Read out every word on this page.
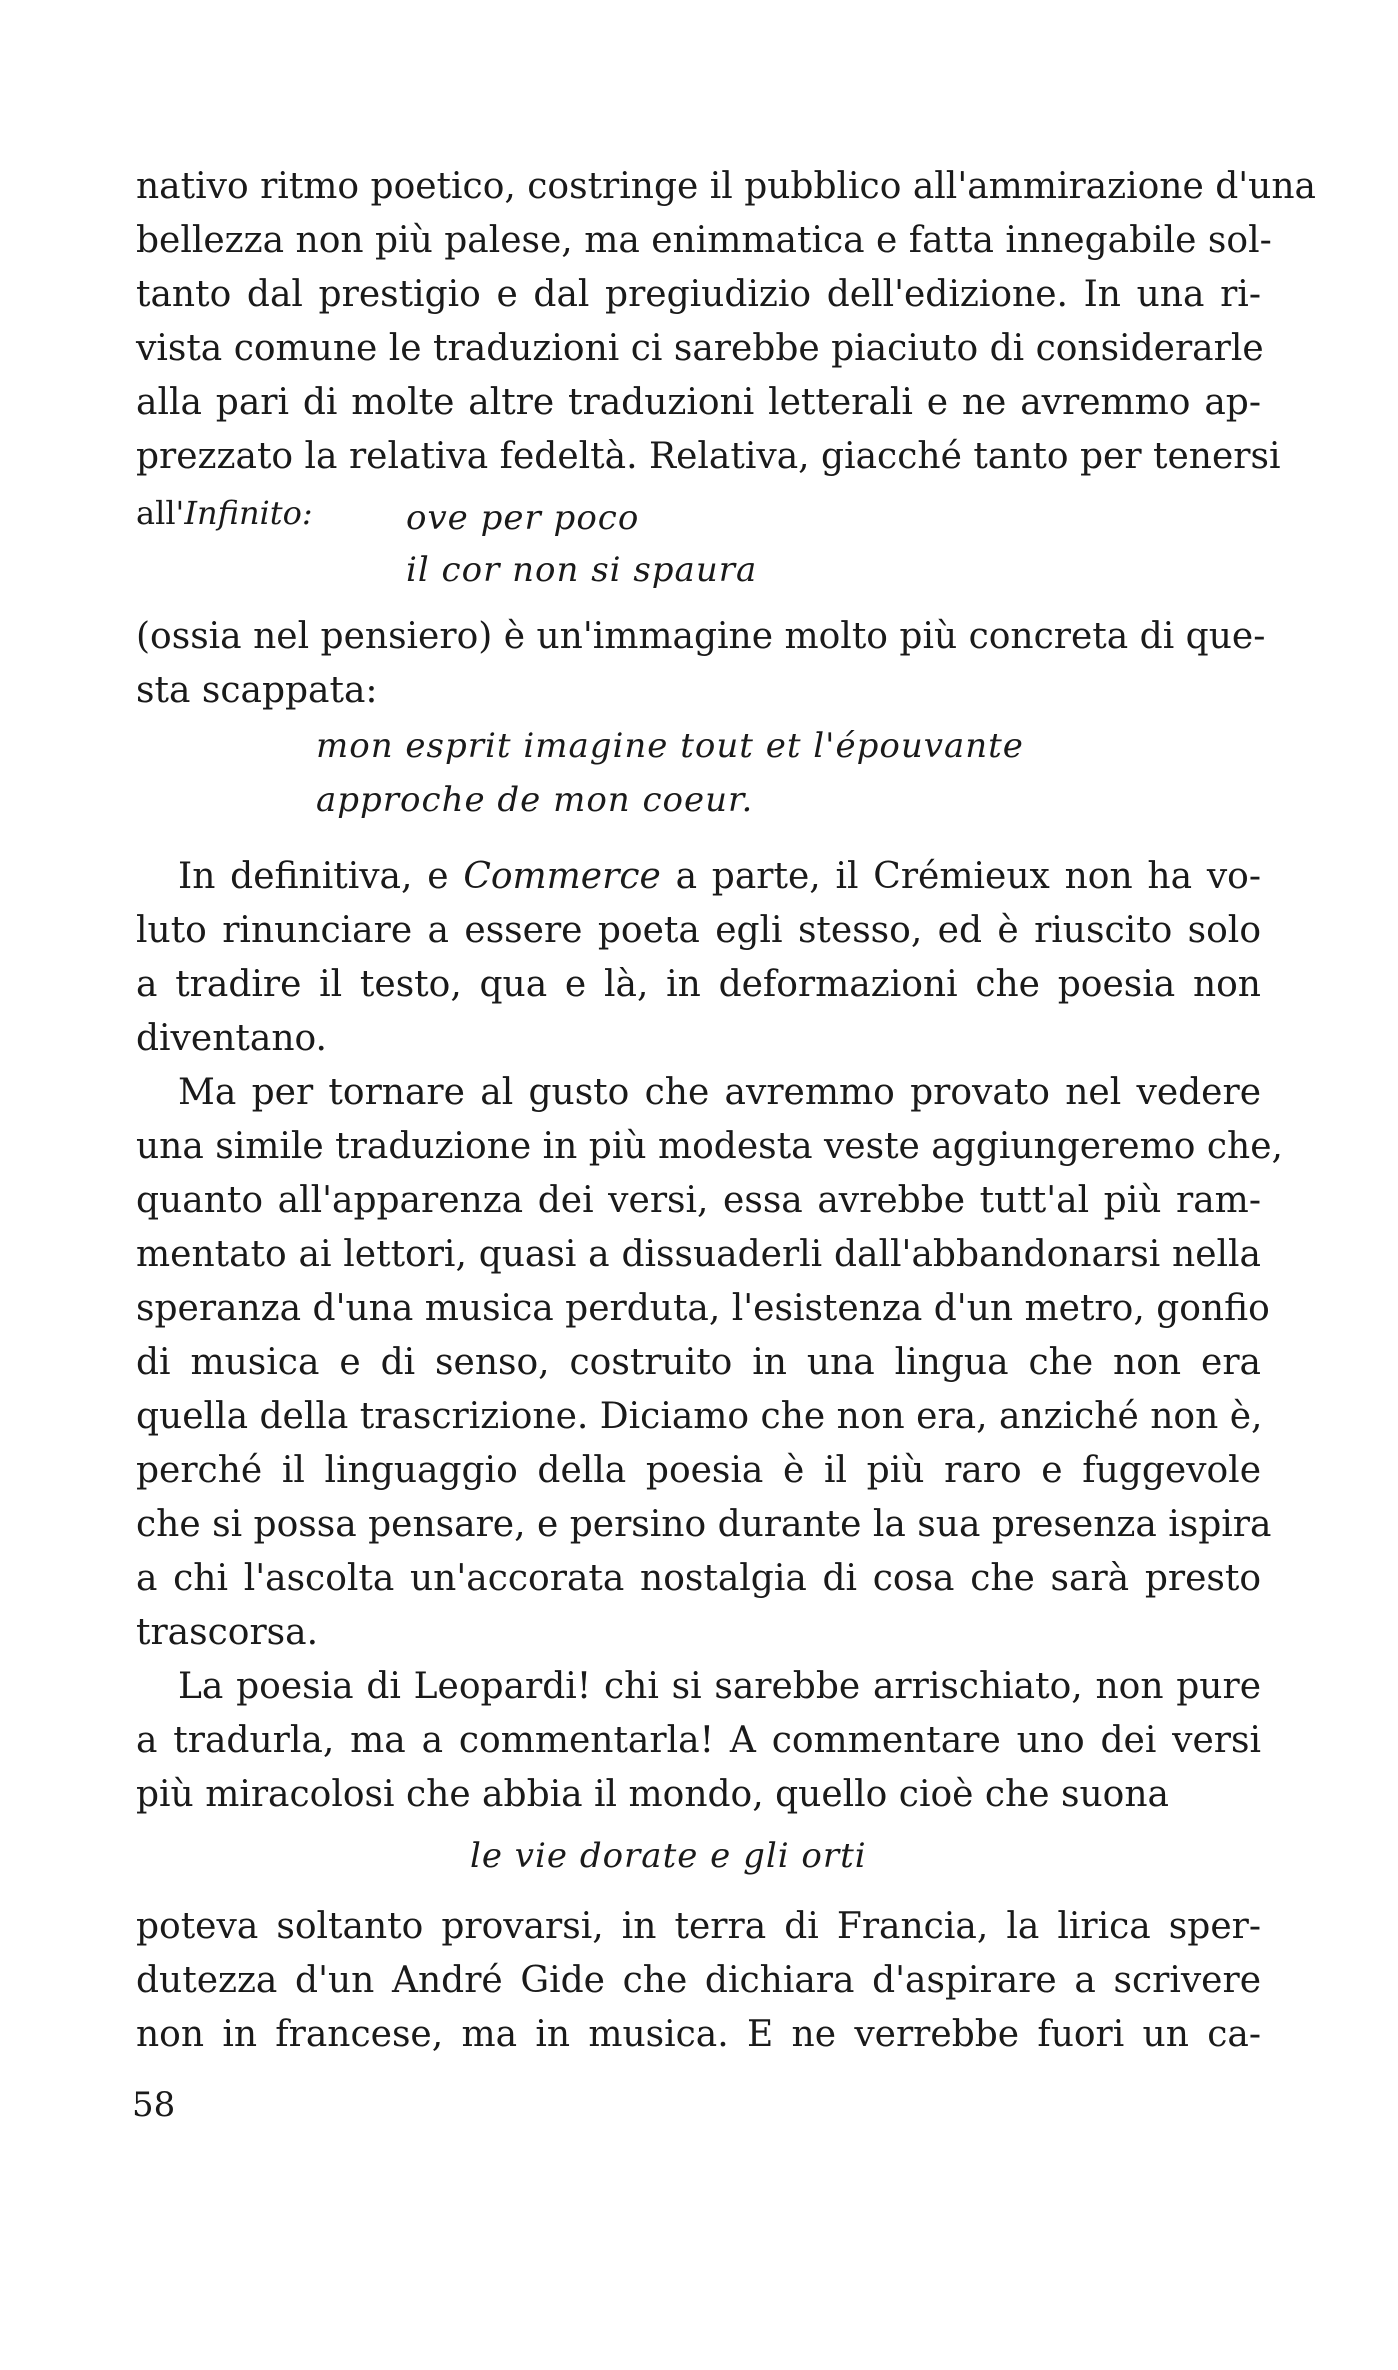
nativo ritmo poetico, costringe il pubblico all'ammirazione d'una
bellezza non più palese, ma enimmatica e fatta innegabile sol-
tanto dal prestigio e dal pregiudizio dell'edizione. In una ri-
vista comune le traduzioni ci sarebbe piaciuto di considerarle
alla pari di molte altre traduzioni letterali e ne avremmo ap-
prezzato la relativa fedeltà. Relativa, giacché tanto per tenersi
all'Infinito:	ove per poco
il cor non si spaura
(ossia nel pensiero) è un'immagine molto più concreta di que-
sta scappata:
mon esprit imagine tout et l'épouvante
approche de mon coeur.
In definitiva, e Commerce a parte, il Crémieux non ha vo-
luto rinunciare a essere poeta egli stesso, ed è riuscito solo
a tradire il testo, qua e là, in deformazioni che poesia non
diventano.
Ma per tornare al gusto che avremmo provato nel vedere
una simile traduzione in più modesta veste aggiungeremo che,
quanto all'apparenza dei versi, essa avrebbe tutt'al più ram-
mentato ai lettori, quasi a dissuaderli dall'abbandonarsi nella
speranza d'una musica perduta, l'esistenza d'un metro, gonfio
di musica e di senso, costruito in una lingua che non era
quella della trascrizione. Diciamo che non era, anziché non è,
perché il linguaggio della poesia è il più raro e fuggevole
che si possa pensare, e persino durante la sua presenza ispira
a chi l'ascolta un'accorata nostalgia di cosa che sarà presto
trascorsa.
La poesia di Leopardi! chi si sarebbe arrischiato, non pure
a tradurla, ma a commentarla! A commentare uno dei versi
più miracolosi che abbia il mondo, quello cioè che suona
le vie dorate e gli orti
poteva soltanto provarsi, in terra di Francia, la lirica sper-
dutezza d'un André Gide che dichiara d'aspirare a scrivere
non in francese, ma in musica. E ne verrebbe fuori un ca-
58
